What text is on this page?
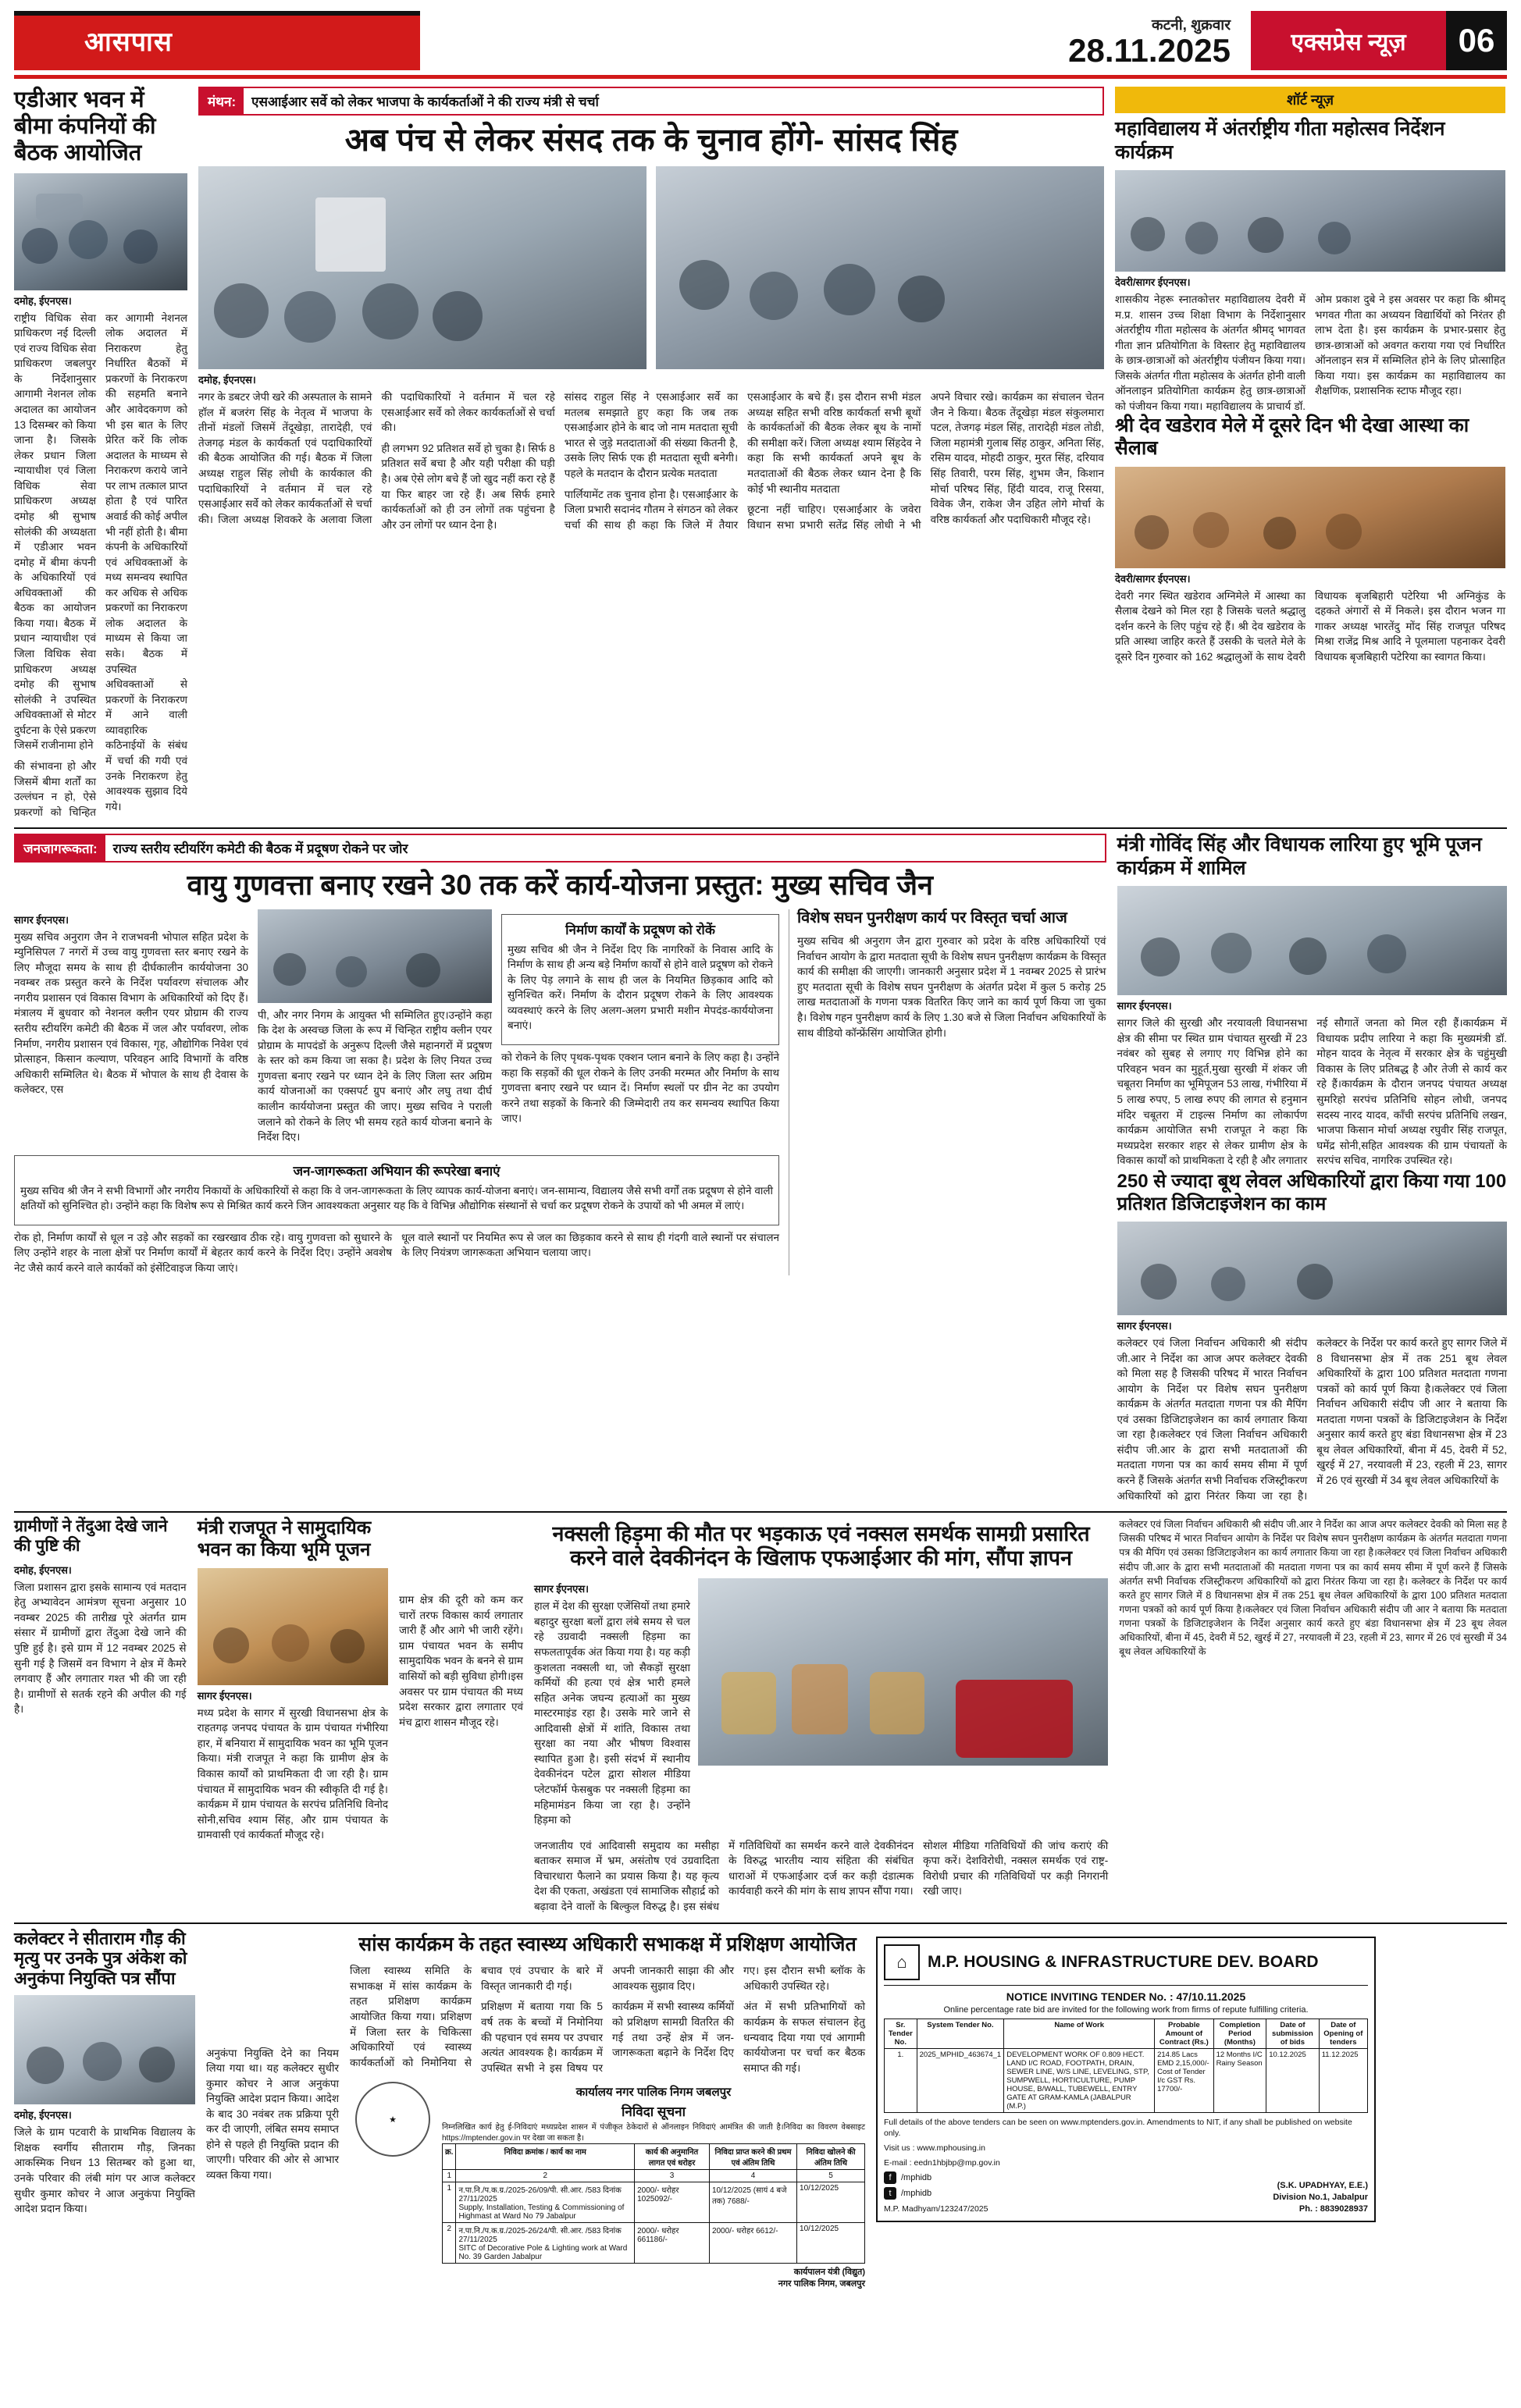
आसपास
कटनी, शुक्रवार
28.11.2025	एक्सप्रेस न्यूज़	06
एडीआर भवन में बीमा कंपनियों की बैठक आयोजित
दमोह, ईएनएस।

राष्ट्रीय विधिक सेवा प्राधिकरण नई दिल्ली एवं राज्य विधिक सेवा प्राधिकरण जबलपुर के निर्देशानुसार आगामी नेशनल लोक अदालत का आयोजन 13 दिसम्बर को किया जाना है। जिसके लेकर प्रधान जिला न्यायाधीश एवं जिला विधिक सेवा प्राधिकरण अध्यक्ष दमोह श्री सुभाष सोलंकी की अध्यक्षता में एडीआर भवन दमोह में बीमा कंपनी के अधिकारियों एवं अधिवक्ताओं की बैठक का आयोजन किया गया। बैठक में प्रधान न्यायाधीश एवं जिला विधिक सेवा प्राधिकरण अध्यक्ष दमोह की सुभाष सोलंकी ने उपस्थित अधिवक्ताओं से मोटर दुर्घटना के ऐसे प्रकरण जिसमें राजीनामा होने

की संभावना हो और जिसमें बीमा शर्तों का उल्लंघन न हो, ऐसे प्रकरणों को चिन्हित कर आगामी नेशनल लोक अदालत में निराकरण हेतु निर्धारित बैठकों में प्रकरणों के निराकरण की सहमति बनाने और आवेदकगण को भी इस बात के लिए प्रेरित करें कि लोक अदालत के माध्यम से निराकरण कराये जाने पर लाभ तत्काल प्राप्त होता है एवं पारित अवार्ड की कोई अपील भी नहीं होती है। बीमा कंपनी के अधिकारियों एवं अधिवक्ताओं के मध्य समन्वय स्थापित कर अधिक से अधिक प्रकरणों का निराकरण लोक अदालत के माध्यम से किया जा सके। बैठक में उपस्थित अधिवक्ताओं से प्रकरणों के निराकरण में आने वाली व्यावहारिक कठिनाईयों के संबंध में चर्चा की गयी एवं उनके निराकरण हेतु आवश्यक सुझाव दिये गये।

मंथन:	एसआईआर सर्वे को लेकर भाजपा के कार्यकर्ताओं ने की राज्य मंत्री से चर्चा
अब पंच से लेकर संसद तक के चुनाव होंगे- सांसद सिंह
दमोह, ईएनएस।

नगर के डबटर जेपी खरे की अस्पताल के सामने हॉल में बजरंग सिंह के नेतृत्व में भाजपा के तीनों मंडलों जिसमें तेंदूखेड़ा, तारादेही, एवं तेजगढ़ मंडल के कार्यकर्ता एवं पदाधिकारियों की बैठक आयोजित की गई। बैठक में जिला अध्यक्ष राहुल सिंह लोधी के कार्यकाल की पदाधिकारियों ने वर्तमान में चल रहे एसआईआर सर्वे को लेकर कार्यकर्ताओं से चर्चा की। जिला अध्यक्ष शिवकरे के अलावा जिला की पदाधिकारियों ने वर्तमान में चल रहे एसआईआर सर्वे को लेकर कार्यकर्ताओं से चर्चा की।

ही लगभग 92 प्रतिशत सर्वे हो चुका है। सिर्फ 8 प्रतिशत सर्वे बचा है और यही परीक्षा की घड़ी है। अब ऐसे लोग बचे हैं जो खुद नहीं करा रहे हैं या फिर बाहर जा रहे हैं। अब सिर्फ हमारे कार्यकर्ताओं को ही उन लोगों तक पहुंचना है और उन लोगों पर ध्यान देना है।

सांसद राहुल सिंह ने एसआईआर सर्वे का मतलब समझाते हुए कहा कि जब तक एसआईआर होने के बाद जो नाम मतदाता सूची भारत से जुड़े मतदाताओं की संख्या कितनी है, उसके लिए सिर्फ एक ही मतदाता सूची बनेगी। पहले के मतदान के दौरान प्रत्येक मतदाता

पार्लियामेंट तक चुनाव होना है। एसआईआर के जिला प्रभारी सदानंद गौतम ने संगठन को लेकर चर्चा की साथ ही कहा कि जिले में तैयार एसआईआर के बचे हैं। इस दौरान सभी मंडल अध्यक्ष सहित सभी वरिष्ठ कार्यकर्ता सभी बूथों के कार्यकर्ताओं की बैठक लेकर बूथ के नामों की समीक्षा करें। जिला अध्यक्ष श्याम सिंहदेव ने कहा कि सभी कार्यकर्ता अपने बूथ के मतदाताओं की बैठक लेकर ध्यान देना है कि कोई भी स्थानीय मतदाता

छूटना नहीं चाहिए। एसआईआर के जवेरा विधान सभा प्रभारी सतेंद्र सिंह लोधी ने भी अपने विचार रखे। कार्यक्रम का संचालन चेतन जैन ने किया। बैठक तेंदूखेड़ा मंडल संकुलमारा पटल, तेजगढ़ मंडल सिंह, तारादेही मंडल तोडी, जिला महामंत्री गुलाब सिंह ठाकुर, अनिता सिंह, रसिम यादव, मोहदी ठाकुर, मुरत सिंह, दरियाव सिंह तिवारी, परम सिंह, शुभम जैन, किशान मोर्चा परिषद सिंह, हिंदी यादव, राजू रिसया, विवेक जैन, राकेश जैन उहित लोगे मोर्चा के वरिष्ठ कार्यकर्ता और पदाधिकारी मौजूद रहे।

शॉर्ट न्यूज़
महाविद्यालय में अंतर्राष्ट्रीय गीता महोत्सव निर्देशन कार्यक्रम
देवरी/सागर ईएनएस।

शासकीय नेहरू स्नातकोत्तर महाविद्यालय देवरी में म.प्र. शासन उच्च शिक्षा विभाग के निर्देशानुसार अंतर्राष्ट्रीय गीता महोत्सव के अंतर्गत श्रीमद् भागवत गीता ज्ञान प्रतियोगिता के विस्तार हेतु महाविद्यालय के छात्र-छात्राओं को अंतर्राष्ट्रीय पंजीयन किया गया। जिसके अंतर्गत गीता महोत्सव के अंतर्गत होनी वाली ऑनलाइन प्रतियोगिता कार्यक्रम हेतु छात्र-छात्राओं को पंजीयन किया गया। महाविद्यालय के प्राचार्य डॉ. ओम प्रकाश दुबे ने इस अवसर पर कहा कि श्रीमद् भगवत गीता का अध्ययन विद्यार्थियों को निरंतर ही लाभ देता है। इस कार्यक्रम के प्रभार-प्रसार हेतु छात्र-छात्राओं को अवगत कराया गया एवं निर्धारित ऑनलाइन सत्र में सम्मिलित होने के लिए प्रोत्साहित किया गया। इस कार्यक्रम का महाविद्यालय का शैक्षणिक, प्रशासनिक स्टाफ मौजूद रहा।

श्री देव खडेराव मेले में दूसरे दिन भी देखा आस्था का सैलाब
देवरी/सागर ईएनएस।

देवरी नगर स्थित खडेराव अग्निमेले में आस्था का सैलाब देखने को मिल रहा है जिसके चलते श्रद्धालु दर्शन करने के लिए पहुंच रहे हैं। श्री देव खडेराव के प्रति आस्था जाहिर करते हैं उसकी के चलते मेले के दूसरे दिन गुरुवार को 162 श्रद्धालुओं के साथ देवरी विधायक बृजबिहारी पटेरिया भी अग्निकुंड के दहकते अंगारों से में निकले। इस दौरान भजन गा गाकर अध्यक्ष भारतेंदु मोंद सिंह राजपूत परिषद मिश्रा राजेंद्र मिश्र आदि ने पूलमाला पहनाकर देवरी विधायक बृजबिहारी पटेरिया का स्वागत किया।

जनजागरूकता:	राज्य स्तरीय स्टीयरिंग कमेटी की बैठक में प्रदूषण रोकने पर जोर
वायु गुणवत्ता बनाए रखने 30 तक करें कार्य-योजना प्रस्तुत: मुख्य सचिव जैन
सागर ईएनएस।

मुख्य सचिव अनुराग जैन ने राजभवनी भोपाल सहित प्रदेश के म्युनिसिपल 7 नगरों में उच्च वायु गुणवत्ता स्तर बनाए रखने के लिए मौजूदा समय के साथ ही दीर्घकालीन कार्ययोजना 30 नवम्बर तक प्रस्तुत करने के निर्देश पर्यावरण संचालक और नगरीय प्रशासन एवं विकास विभाग के अधिकारियों को दिए हैं। मंत्रालय में बुधवार को नेशनल क्लीन एयर प्रोग्राम की राज्य स्तरीय स्टीयरिंग कमेटी की बैठक में जल और पर्यावरण, लोक निर्माण, नगरीय प्रशासन एवं विकास, गृह, औद्योगिक निवेश एवं प्रोत्साहन, किसान कल्याण, परिवहन आदि विभागों के वरिष्ठ अधिकारी सम्मिलित थे। बैठक में भोपाल के साथ ही देवास के कलेक्टर, एस

पी, और नगर निगम के आयुक्त भी सम्मिलित हुए।उन्होंने कहा कि देश के अस्वच्छ जिला के रूप में चिन्हित राष्ट्रीय क्लीन एयर प्रोग्राम के मापदंडों के अनुरूप दिल्ली जैसे महानगरों में प्रदूषण के स्तर को कम किया जा सका है। प्रदेश के लिए नियत उच्च गुणवत्ता बनाए रखने पर ध्यान देने के लिए जिला स्तर अग्रिम कार्य योजनाओं का एक्सपर्ट ग्रुप बनाएं और लघु तथा दीर्घ कालीन कार्ययोजना प्रस्तुत की जाए। मुख्य सचिव ने पराली जलाने को रोकने के लिए भी समय रहते कार्य योजना बनाने के निर्देश दिए।

निर्माण कार्यों के प्रदूषण को रोकें

मुख्य सचिव श्री जैन ने निर्देश दिए कि नागरिकों के निवास आदि के निर्माण के साथ ही अन्य बड़े निर्माण कार्यों से होने वाले प्रदूषण को रोकने के लिए पेड़ लगाने के साथ ही जल के नियमित छिड़काव आदि को सुनिश्चित करें। निर्माण के दौरान प्रदूषण रोकने के लिए आवश्यक व्यवस्थाएं करने के लिए अलग-अलग प्रभारी मशीन मेपदंड-कार्ययोजना बनाएं।

को रोकने के लिए पृथक-पृथक एक्शन प्लान बनाने के लिए कहा है। उन्होंने कहा कि सड़कों की धूल रोकने के लिए उनकी मरम्मत और निर्माण के साथ गुणवत्ता बनाए रखने पर ध्यान दें। निर्माण स्थलों पर ग्रीन नेट का उपयोग करने तथा सड़कों के किनारे की जिम्मेदारी तय कर समन्वय स्थापित किया जाए।

जन-जागरूकता अभियान की रूपरेखा बनाएं

मुख्य सचिव श्री जैन ने सभी विभागों और नगरीय निकायों के अधिकारियों से कहा कि वे जन-जागरूकता के लिए व्यापक कार्य-योजना बनाएं। जन-सामान्य, विद्यालय जैसे सभी वर्गों तक प्रदूषण से होने वाली क्षतियों को सुनिश्चित हो। उन्होंने कहा कि विशेष रूप से मिश्रित कार्य करने जिन आवश्यकता अनुसार यह कि वे विभिन्न औद्योगिक संस्थानों से चर्चा कर प्रदूषण रोकने के उपायों को भी अमल में लाएं।

रोक हो, निर्माण कार्यों से धूल न उड़े और सड़कों का रखरखाव ठीक रहे। वायु गुणवत्ता को सुधारने के लिए उन्होंने शहर के नाला क्षेत्रों पर निर्माण कार्यों में बेहतर कार्य करने के निर्देश दिए। उन्होंने अवशेष नेट जैसे कार्य करने वाले कार्यकों को इंसेंटिवाइज किया जाएं।

धूल वाले स्थानों पर नियमित रूप से जल का छिड़काव करने से साथ ही गंदगी वाले स्थानों पर संचालन के लिए नियंत्रण जागरूकता अभियान चलाया जाए।

विशेष सघन पुनरीक्षण कार्य पर विस्तृत चर्चा आज

मुख्य सचिव श्री अनुराग जैन द्वारा गुरुवार को प्रदेश के वरिष्ठ अधिकारियों एवं निर्वाचन आयोग के द्वारा मतदाता सूची के विशेष सघन पुनरीक्षण कार्यक्रम के विस्तृत कार्य की समीक्षा की जाएगी। जानकारी अनुसार प्रदेश में 1 नवम्बर 2025 से प्रारंभ हुए मतदाता सूची के विशेष सघन पुनरीक्षण के अंतर्गत प्रदेश में कुल 5 करोड़ 25 लाख मतदाताओं के गणना पत्रक वितरित किए जाने का कार्य पूर्ण किया जा चुका है। विशेष गहन पुनरीक्षण कार्य के लिए 1.30 बजे से जिला निर्वाचन अधिकारियों के साथ वीडियो कॉन्फ्रेंसिंग आयोजित होगी।

मंत्री गोविंद सिंह और विधायक लारिया हुए भूमि पूजन कार्यक्रम में शामिल
सागर ईएनएस।

सागर जिले की सुरखी और नरयावली विधानसभा क्षेत्र की सीमा पर स्थित ग्राम पंचायत सुरखी में 23 नवंबर को सुबह से लगाए गए विभिन्न होने का परिवहन भवन का मुहूर्त,मुखा सुरखी में शंकर जी चबूतरा निर्माण का भूमिपूजन 53 लाख, गंभीरिया में 5 लाख रुपए, 5 लाख रुपए की लागत से हनुमान मंदिर चबूतरा में टाइल्स निर्माण का लोकार्पण कार्यक्रम आयोजित सभी राजपूत ने कहा कि मध्यप्रदेश सरकार शहर से लेकर ग्रामीण क्षेत्र के विकास कार्यों को प्राथमिकता दे रही है और लगातार नई सौगातें जनता को मिल रही हैं।कार्यक्रम में विधायक प्रदीप लारिया ने कहा कि मुख्यमंत्री डॉ. मोहन यादव के नेतृत्व में सरकार क्षेत्र के चहुंमुखी विकास के लिए प्रतिबद्ध है और तेजी से कार्य कर रहे हैं।कार्यक्रम के दौरान जनपद पंचायत अध्यक्ष सुमरिहो सरपंच प्रतिनिधि सोहन लोधी, जनपद सदस्य नारद यादव, काँची सरपंच प्रतिनिधि लखन, भाजपा किसान मोर्चा अध्यक्ष रघुवीर सिंह राजपूत, घमेंद्र सोनी,सहित आवश्यक की ग्राम पंचायतों के सरपंच सचिव, नागरिक उपस्थित रहे।

250 से ज्यादा बूथ लेवल अधिकारियों द्वारा किया गया 100 प्रतिशत डिजिटाइजेशन का काम
सागर ईएनएस।

कलेक्टर एवं जिला निर्वाचन अधिकारी श्री संदीप जी.आर ने निर्देश का आज अपर कलेक्टर देवकी को मिला सह है जिसकी परिषद में भारत निर्वाचन आयोग के निर्देश पर विशेष सघन पुनरीक्षण कार्यक्रम के अंतर्गत मतदाता गणना पत्र की मैपिंग एवं उसका डिजिटाइजेशन का कार्य लगातार किया जा रहा है।कलेक्टर एवं जिला निर्वाचन अधिकारी संदीप जी.आर के द्वारा सभी मतदाताओं की मतदाता गणना पत्र का कार्य समय सीमा में पूर्ण करने हैं जिसके अंतर्गत सभी निर्वाचक रजिस्ट्रीकरण अधिकारियों को द्वारा निरंतर किया जा रहा है। कलेक्टर के निर्देश पर कार्य करते हुए सागर जिले में 8 विधानसभा क्षेत्र में तक 251 बूथ लेवल अधिकारियों के द्वारा 100 प्रतिशत मतदाता गणना पत्रकों को कार्य पूर्ण किया है।कलेक्टर एवं जिला निर्वाचन अधिकारी संदीप जी आर ने बताया कि मतदाता गणना पत्रकों के डिजिटाइजेशन के निर्देश अनुसार कार्य करते हुए बंडा विधानसभा क्षेत्र में 23 बूथ लेवल अधिकारियों, बीना में 45, देवरी में 52, खुरई में 27, नरयावली में 23, रहली में 23, सागर में 26 एवं सुरखी में 34 बूथ लेवल अधिकारियों के

ग्रामीणों ने तेंदुआ देखे जाने की पुष्टि की
दमोह, ईएनएस।

जिला प्रशासन द्वारा इसके सामान्य एवं मतदान हेतु अभ्यावेदन आमंत्रण सूचना अनुसार 10 नवम्बर 2025 की तारीख़ पूरे अंतर्गत ग्राम संसार में ग्रामीणों द्वारा तेंदुआ देखे जाने की पुष्टि हुई है। इसे ग्राम में 12 नवम्बर 2025 से सुनी गई है जिसमें वन विभाग ने क्षेत्र में कैमरे लगवाए हैं और लगातार गश्त भी की जा रही है। ग्रामीणों से सतर्क रहने की अपील की गई है।

मंत्री राजपूत ने सामुदायिक भवन का किया भूमि पूजन
सागर ईएनएस।

मध्य प्रदेश के सागर में सुरखी विधानसभा क्षेत्र के राहतगढ़ जनपद पंचायत के ग्राम पंचायत गंभीरिया हार, में बनियारा में सामुदायिक भवन का भूमि पूजन किया। मंत्री राजपूत ने कहा कि ग्रामीण क्षेत्र के विकास कार्यों को प्राथमिकता दी जा रही है। ग्राम पंचायत में सामुदायिक भवन की स्वीकृति दी गई है। कार्यक्रम में ग्राम पंचायत के सरपंच प्रतिनिधि विनोद सोनी,सचिव श्याम सिंह, और ग्राम पंचायत के ग्रामवासी एवं कार्यकर्ता मौजूद रहे।

ग्राम क्षेत्र की दूरी को कम कर चारों तरफ विकास कार्य लगातार जारी हैं और आगे भी जारी रहेंगे।ग्राम पंचायत भवन के समीप सामुदायिक भवन के बनने से ग्राम वासियों को बड़ी सुविधा होगी।इस अवसर पर ग्राम पंचायत की मध्य प्रदेश सरकार द्वारा लगातार एवं मंच द्वारा शासन मौजूद रहे।

नक्सली हिड़मा की मौत पर भड़काऊ एवं नक्सल समर्थक सामग्री प्रसारित करने वाले देवकीनंदन के खिलाफ एफआईआर की मांग, सौंपा ज्ञापन
सागर ईएनएस।

हाल में देश की सुरक्षा एजेंसियों तथा हमारे बहादुर सुरक्षा बलों द्वारा लंबे समय से चल रहे उग्रवादी नक्सली हिड़मा का सफलतापूर्वक अंत किया गया है। यह कड़ी कुशलता नक्सली था, जो सैकड़ों सुरक्षा कर्मियों की हत्या एवं क्षेत्र भारी हमले सहित अनेक जघन्य हत्याओं का मुख्य मास्टरमाइंड रहा है। उसके मारे जाने से आदिवासी क्षेत्रों में शांति, विकास तथा सुरक्षा का नया और भीषण विश्वास स्थापित हुआ है। इसी संदर्भ में स्थानीय देवकीनंदन पटेल द्वारा सोशल मीडिया प्लेटफॉर्म फेसबुक पर नक्सली हिड़मा का महिमामंडन किया जा रहा है। उन्होंने हिड़मा को

जनजातीय एवं आदिवासी समुदाय का मसीहा बताकर समाज में भ्रम, असंतोष एवं उग्रवादिता विचारधारा फैलाने का प्रयास किया है। यह कृत्य देश की एकता, अखंडता एवं सामाजिक सौहार्द्र को बढ़ावा देने वालों के बिल्कुल विरुद्ध है। इस संबंध में गतिविधियों का समर्थन करने वाले देवकीनंदन के विरुद्ध भारतीय न्याय संहिता की संबंधित धाराओं में एफआईआर दर्ज कर कड़ी दंडात्मक कार्यवाही करने की मांग के साथ ज्ञापन सौंपा गया।

सोशल मीडिया गतिविधियों की जांच कराएं की कृपा करें। देशविरोधी, नक्सल समर्थक एवं राष्ट्र-विरोधी प्रचार की गतिविधियों पर कड़ी निगरानी रखी जाए।

कलेक्टर एवं जिला निर्वाचन अधिकारी श्री संदीप जी.आर ने निर्देश का आज अपर कलेक्टर देवकी को मिला सह है जिसकी परिषद में भारत निर्वाचन आयोग के निर्देश पर विशेष सघन पुनरीक्षण कार्यक्रम के अंतर्गत मतदाता गणना पत्र की मैपिंग एवं उसका डिजिटाइजेशन का कार्य लगातार किया जा रहा है।कलेक्टर एवं जिला निर्वाचन अधिकारी संदीप जी.आर के द्वारा सभी मतदाताओं की मतदाता गणना पत्र का कार्य समय सीमा में पूर्ण करने हैं जिसके अंतर्गत सभी निर्वाचक रजिस्ट्रीकरण अधिकारियों को द्वारा निरंतर किया जा रहा है। कलेक्टर के निर्देश पर कार्य करते हुए सागर जिले में 8 विधानसभा क्षेत्र में तक 251 बूथ लेवल अधिकारियों के द्वारा 100 प्रतिशत मतदाता गणना पत्रकों को कार्य पूर्ण किया है।कलेक्टर एवं जिला निर्वाचन अधिकारी संदीप जी आर ने बताया कि मतदाता गणना पत्रकों के डिजिटाइजेशन के निर्देश अनुसार कार्य करते हुए बंडा विधानसभा क्षेत्र में 23 बूथ लेवल अधिकारियों, बीना में 45, देवरी में 52, खुरई में 27, नरयावली में 23, रहली में 23, सागर में 26 एवं सुरखी में 34 बूथ लेवल अधिकारियों के

कलेक्टर ने सीताराम गौड़ की मृत्यु पर उनके पुत्र अंकेश को अनुकंपा नियुक्ति पत्र सौंपा
दमोह, ईएनएस।

जिले के ग्राम पटवारी के प्राथमिक विद्यालय के शिक्षक स्वर्गीय सीताराम गौड़, जिनका आकस्मिक निधन 13 सितम्बर को हुआ था, उनके परिवार की लंबी मांग पर आज कलेक्टर सुधीर कुमार कोचर ने आज अनुकंपा नियुक्ति आदेश प्रदान किया।

अनुकंपा नियुक्ति देने का नियम लिया गया था। यह कलेक्टर सुधीर कुमार कोचर ने आज अनुकंपा नियुक्ति आदेश प्रदान किया। आदेश के बाद 30 नवंबर तक प्रक्रिया पूरी कर दी जाएगी, लंबित समय समाप्त होने से पहले ही नियुक्ति प्रदान की जाएगी। परिवार की ओर से आभार व्यक्त किया गया।

सांस कार्यक्रम के तहत स्वास्थ्य अधिकारी सभाकक्ष में प्रशिक्षण आयोजित

जिला स्वास्थ्य समिति के सभाकक्ष में सांस कार्यक्रम के तहत प्रशिक्षण कार्यक्रम आयोजित किया गया। प्रशिक्षण में जिला स्तर के चिकित्सा अधिकारियों एवं स्वास्थ्य कार्यकर्ताओं को निमोनिया से बचाव एवं उपचार के बारे में विस्तृत जानकारी दी गई।

प्रशिक्षण में बताया गया कि 5 वर्ष तक के बच्चों में निमोनिया की पहचान एवं समय पर उपचार अत्यंत आवश्यक है। कार्यक्रम में उपस्थित सभी ने इस विषय पर अपनी जानकारी साझा की और आवश्यक सुझाव दिए।

कार्यक्रम में सभी स्वास्थ्य कर्मियों को प्रशिक्षण सामग्री वितरित की गई तथा उन्हें क्षेत्र में जन-जागरूकता बढ़ाने के निर्देश दिए गए। इस दौरान सभी ब्लॉक के अधिकारी उपस्थित रहे।

अंत में सभी प्रतिभागियों को कार्यक्रम के सफल संचालन हेतु धन्यवाद दिया गया एवं आगामी कार्ययोजना पर चर्चा कर बैठक समाप्त की गई।

★
कार्यालय नगर पालिक निगम जबलपुर
निविदा सूचना
निम्नलिखित कार्य हेतु ई-निविदाएं मध्यप्रदेश शासन में पंजीकृत ठेकेदारों से ऑनलाइन निविदाएं आमंत्रित की जाती है।निविदा का विवरण वेबसाइट https://mptender.gov.in पर देखा जा सकता है।
क्र.	निविदा क्रमांक / कार्य का नाम	कार्य की अनुमानित लागत एवं धरोहर	निविदा प्राप्त करने की प्रथम एवं अंतिम तिथि	निविदा खोलने की अंतिम तिथि
1	2	3	4	5
1	न.पा.नि./प.क.ग्र./2025-26/09/पी. सी.आर. /583 दिनांक 27/11/2025
Supply, Installation, Testing & Commissioning of Highmast at Ward No 79 Jabalpur	2000/- धरोहर 1025092/-	10/12/2025 (सायं 4 बजे तक) 7688/-	10/12/2025
2	न.पा.नि./प.क.ग्र./2025-26/24/पी. सी.आर. /583 दिनांक 27/11/2025
SITC of Decorative Pole & Lighting work at Ward No. 39 Garden Jabalpur	2000/- धरोहर 661186/-	2000/- धरोहर 6612/-	10/12/2025
कार्यपालन यंत्री (विद्युत)
नगर पालिक निगम, जबलपुर
⌂	M.P. HOUSING & INFRASTRUCTURE DEV. BOARD
NOTICE INVITING TENDER No. : 47/10.11.2025
Online percentage rate bid are invited for the following work from firms of repute fulfilling criteria.
Sr. Tender No.	System Tender No.	Name of Work	Probable Amount of Contract (Rs.)	Completion Period (Months)	Date of submission of bids	Date of Opening of tenders
1.	2025_MPHID_463674_1	DEVELOPMENT WORK OF 0.809 HECT. LAND I/C ROAD, FOOTPATH, DRAIN, SEWER LINE, W/S LINE, LEVELING, STP, SUMPWELL, HORTICULTURE, PUMP HOUSE, B/WALL, TUBEWELL, ENTRY GATE AT GRAM-KAMLA (JABALPUR (M.P.)	214.85 Lacs EMD 2,15,000/- Cost of Tender I/c GST Rs. 17700/-	12 Months I/C Rainy Season	10.12.2025	11.12.2025
Full details of the above tenders can be seen on www.mptenders.gov.in. Amendments to NIT, if any shall be published on website only.
Visit us : www.mphousing.in
E-mail : eedn1hbjbp@mp.gov.in
f	/mphidb
t	/mphidb
M.P. Madhyam/123247/2025
(S.K. UPADHYAY, E.E.)
Division No.1, Jabalpur
Ph. : 8839028937
